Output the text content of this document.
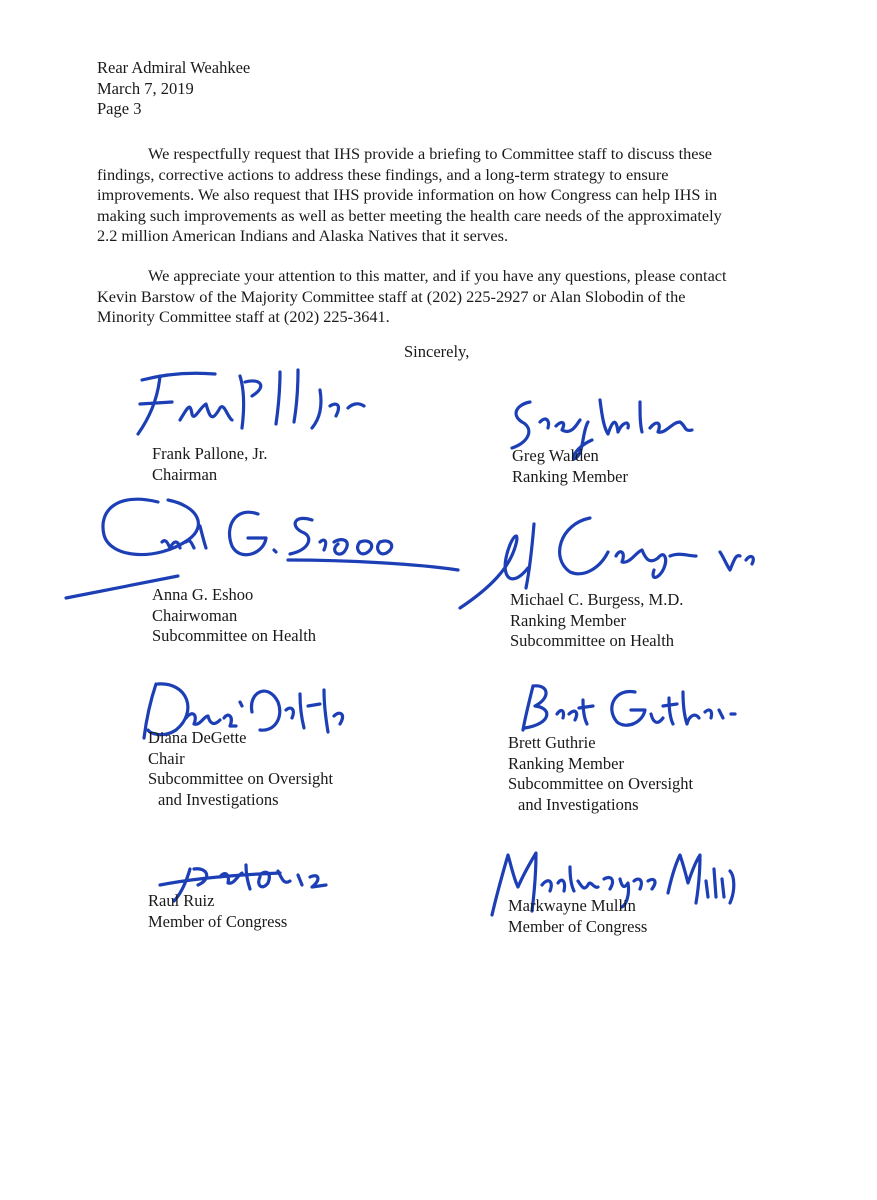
Rear Admiral Weahkee
March 7, 2019
Page 3
We respectfully request that IHS provide a briefing to Committee staff to discuss these
findings, corrective actions to address these findings, and a long-term strategy to ensure
improvements. We also request that IHS provide information on how Congress can help IHS in
making such improvements as well as better meeting the health care needs of the approximately
2.2 million American Indians and Alaska Natives that it serves.
We appreciate your attention to this matter, and if you have any questions, please contact
Kevin Barstow of the Majority Committee staff at (202) 225-2927 or Alan Slobodin of the
Minority Committee staff at (202) 225-3641.
Sincerely,
Frank Pallone, Jr.
Chairman
Greg Walden
Ranking Member
Anna G. Eshoo
Chairwoman
Subcommittee on Health
Michael C. Burgess, M.D.
Ranking Member
Subcommittee on Health
Diana DeGette
Chair
Subcommittee on Oversight
and Investigations
Brett Guthrie
Ranking Member
Subcommittee on Oversight
and Investigations
Raul Ruiz
Member of Congress
Markwayne Mullin
Member of Congress
